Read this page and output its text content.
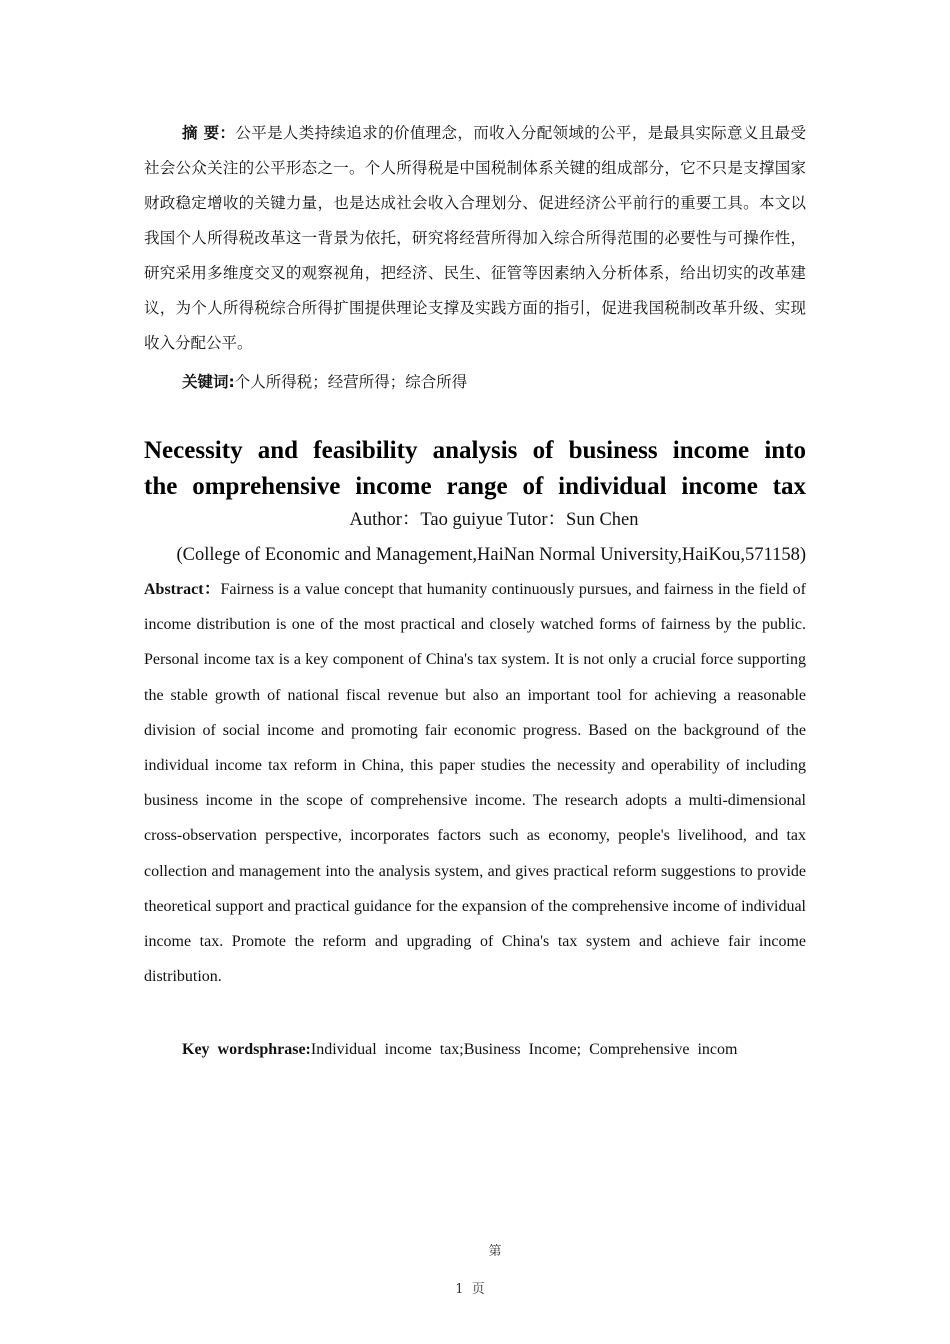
摘 要：公平是人类持续追求的价值理念，而收入分配领域的公平，是最具实际意义且最受社会公众关注的公平形态之一。个人所得税是中国税制体系关键的组成部分，它不只是支撑国家财政稳定增收的关键力量，也是达成社会收入合理划分、促进经济公平前行的重要工具。本文以我国个人所得税改革这一背景为依托，研究将经营所得加入综合所得范围的必要性与可操作性，研究采用多维度交叉的观察视角，把经济、民生、征管等因素纳入分析体系，给出切实的改革建议，为个人所得税综合所得扩围提供理论支撑及实践方面的指引，促进我国税制改革升级、实现收入分配公平。

关键词:个人所得税；经营所得；综合所得

Necessity and feasibility analysis of business income into
the omprehensive income range of individual income tax
Author：Tao guiyue Tutor：Sun Chen
(College of Economic and Management,HaiNan Normal University,HaiKou,571158)

Abstract：Fairness is a value concept that humanity continuously pursues, and fairness in the field of income distribution is one of the most practical and closely watched forms of fairness by the public. Personal income tax is a key component of China's tax system. It is not only a crucial force supporting the stable growth of national fiscal revenue but also an important tool for achieving a reasonable division of social income and promoting fair economic progress. Based on the background of the individual income tax reform in China, this paper studies the necessity and operability of including business income in the scope of comprehensive income. The research adopts a multi-dimensional cross-observation perspective, incorporates factors such as economy, people's livelihood, and tax collection and management into the analysis system, and gives practical reform suggestions to provide theoretical support and practical guidance for the expansion of the comprehensive income of individual income tax. Promote the reform and upgrading of China's tax system and achieve fair income distribution.

Key wordsphrase:Individual income tax;Business Income; Comprehensive incom
第
1 页
